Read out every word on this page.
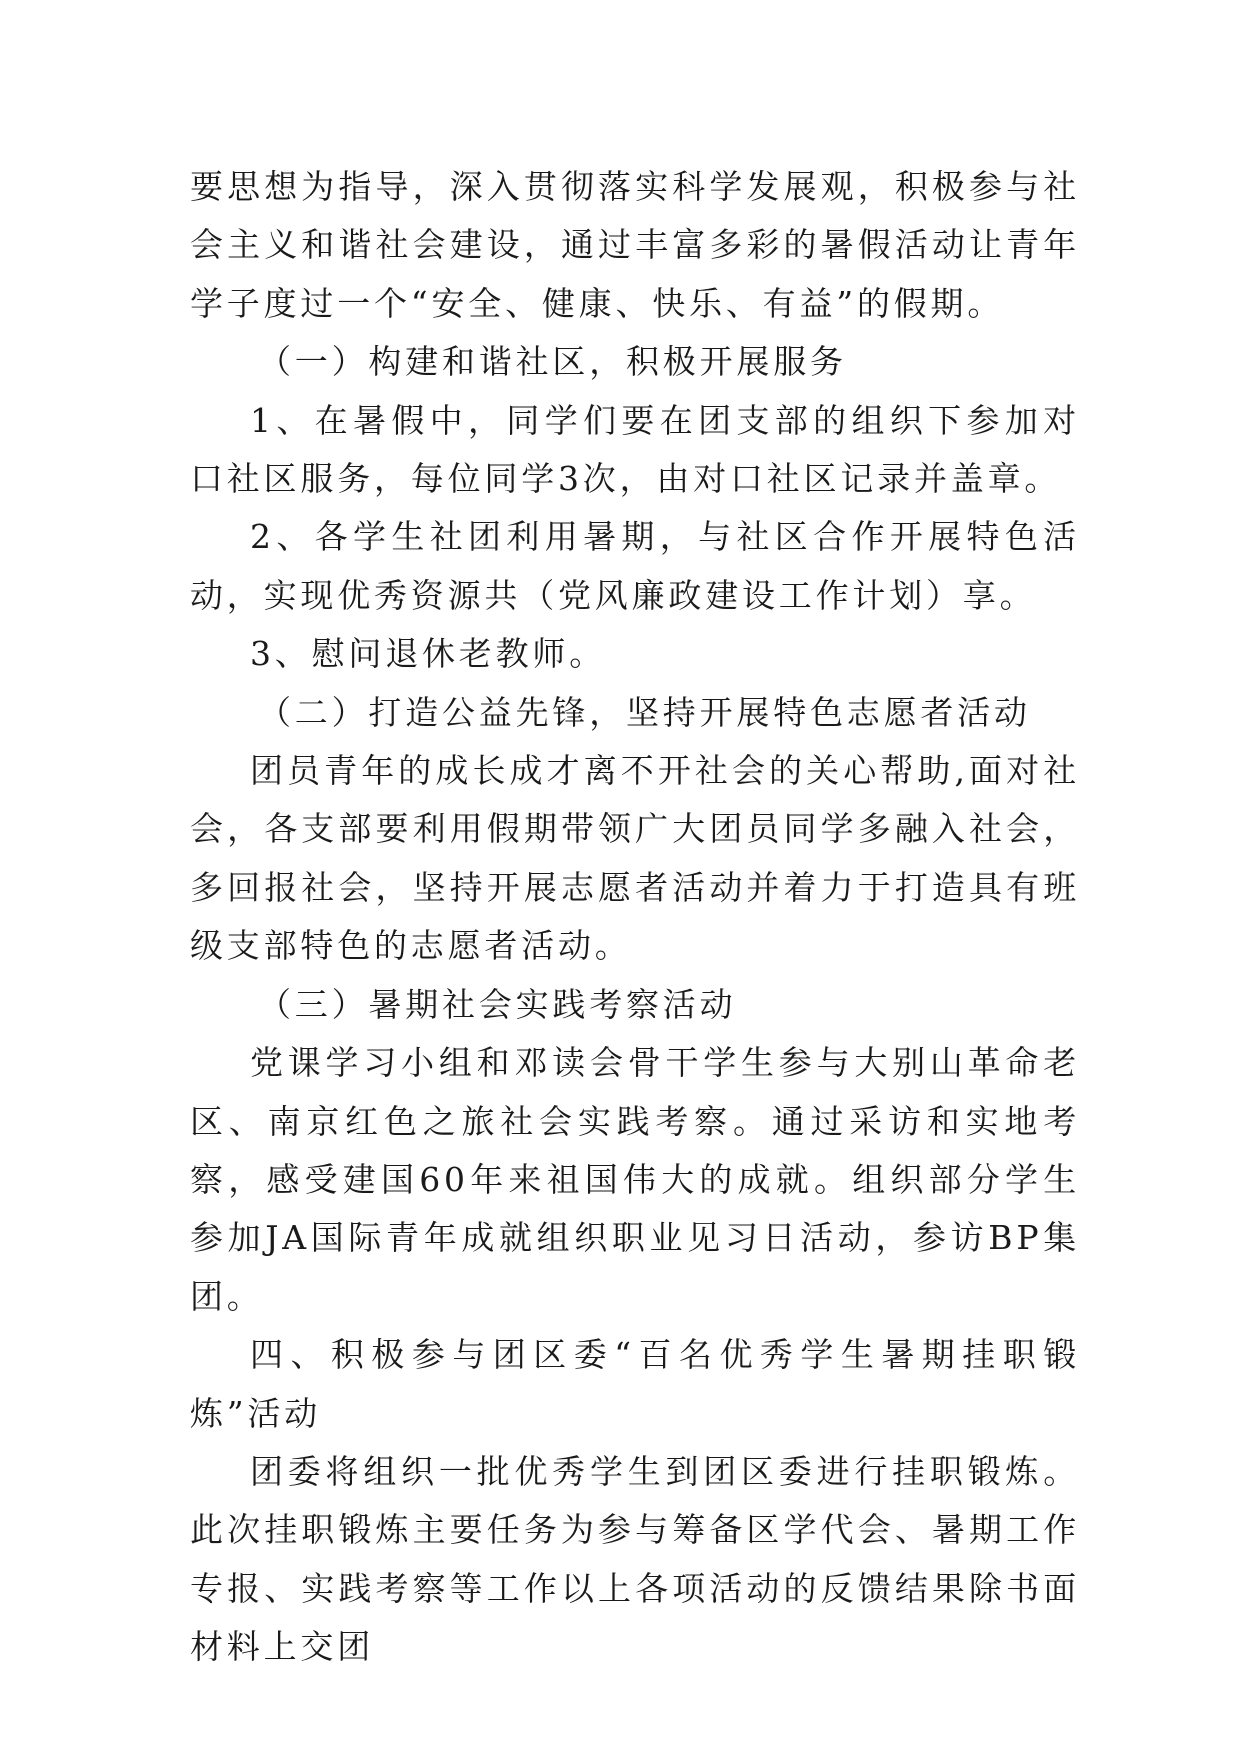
要思想为指导，深入贯彻落实科学发展观，积极参与社会主义和谐社会建设，通过丰富多彩的暑假活动让青年学子度过一个“安全、健康、快乐、有益”的假期。

（一）构建和谐社区，积极开展服务

1、在暑假中，同学们要在团支部的组织下参加对口社区服务，每位同学3次，由对口社区记录并盖章。

2、各学生社团利用暑期，与社区合作开展特色活动，实现优秀资源共（党风廉政建设工作计划）享。

3、慰问退休老教师。

（二）打造公益先锋，坚持开展特色志愿者活动

团员青年的成长成才离不开社会的关心帮助,面对社会，各支部要利用假期带领广大团员同学多融入社会，多回报社会，坚持开展志愿者活动并着力于打造具有班级支部特色的志愿者活动。

（三）暑期社会实践考察活动

党课学习小组和邓读会骨干学生参与大别山革命老区、南京红色之旅社会实践考察。通过采访和实地考察，感受建国60年来祖国伟大的成就。组织部分学生参加JA国际青年成就组织职业见习日活动，参访BP集团。

四、积极参与团区委“百名优秀学生暑期挂职锻炼”活动

团委将组织一批优秀学生到团区委进行挂职锻炼。此次挂职锻炼主要任务为参与筹备区学代会、暑期工作专报、实践考察等工作以上各项活动的反馈结果除书面材料上交团
